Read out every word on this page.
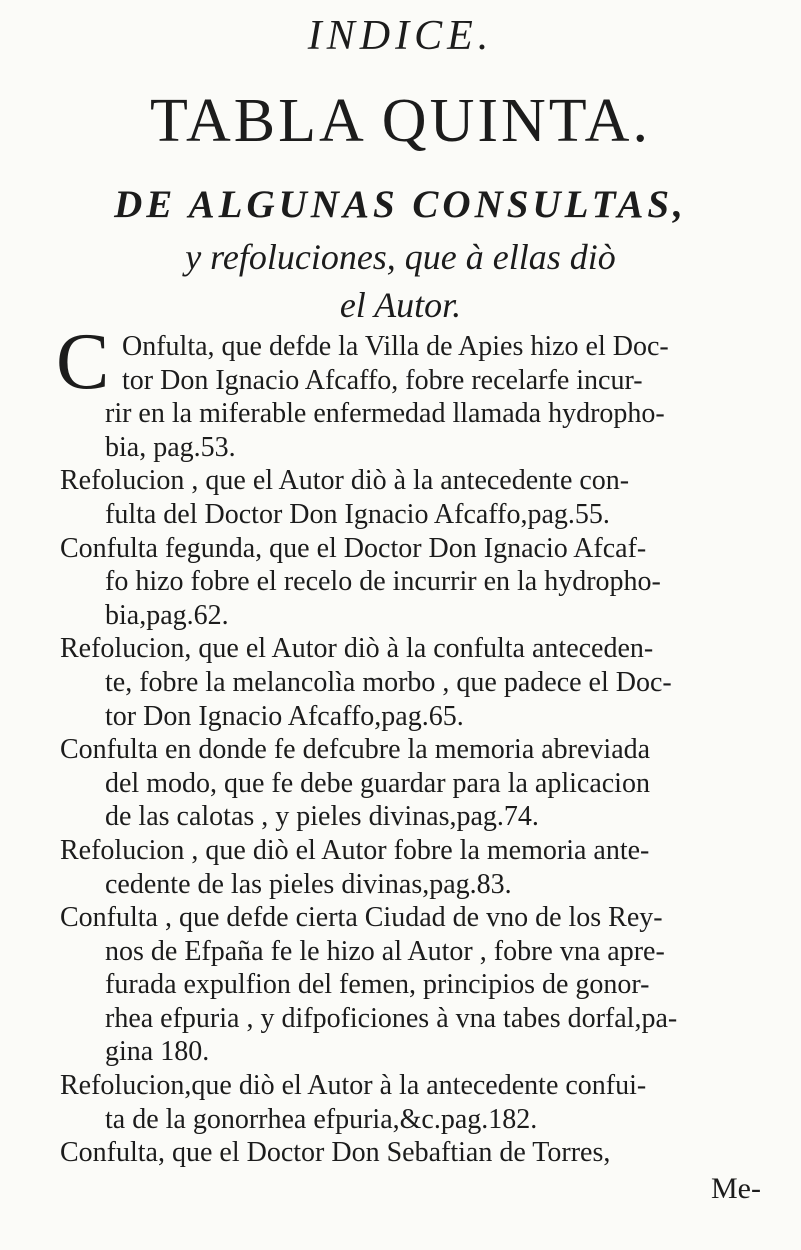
INDICE.
TABLA QUINTA.
DE ALGUNAS CONSULTAS,
y refoluciones, que à ellas diò
el Autor.
C Onfulta, que defde la Villa de Apies hizo el Doc-
tor Don Ignacio Afcaffo, fobre recelarfe incur-
rir en la miferable enfermedad llamada hydropho-
bia, pag.53.
Refolucion , que el Autor diò à la antecedente con-
fulta del Doctor Don Ignacio Afcaffo,pag.55.
Confulta fegunda, que el Doctor Don Ignacio Afcaf-
fo hizo fobre el recelo de incurrir en la hydropho-
bia,pag.62.
Refolucion, que el Autor diò à la confulta anteceden-
te, fobre la melancolìa morbo , que padece el Doc-
tor Don Ignacio Afcaffo,pag.65.
Confulta en donde fe defcubre la memoria abreviada
del modo, que fe debe guardar para la aplicacion
de las calotas , y pieles divinas,pag.74.
Refolucion , que diò el Autor fobre la memoria ante-
cedente de las pieles divinas,pag.83.
Confulta , que defde cierta Ciudad de vno de los Rey-
nos de Efpaña fe le hizo al Autor , fobre vna apre-
furada expulfion del femen, principios de gonor-
rhea efpuria , y difpoficiones à vna tabes dorfal,pa-
gina 180.
Refolucion,que diò el Autor à la antecedente confui-
ta de la gonorrhea efpuria,&c.pag.182.
Confulta, que el Doctor Don Sebaftian de Torres,
Me-
